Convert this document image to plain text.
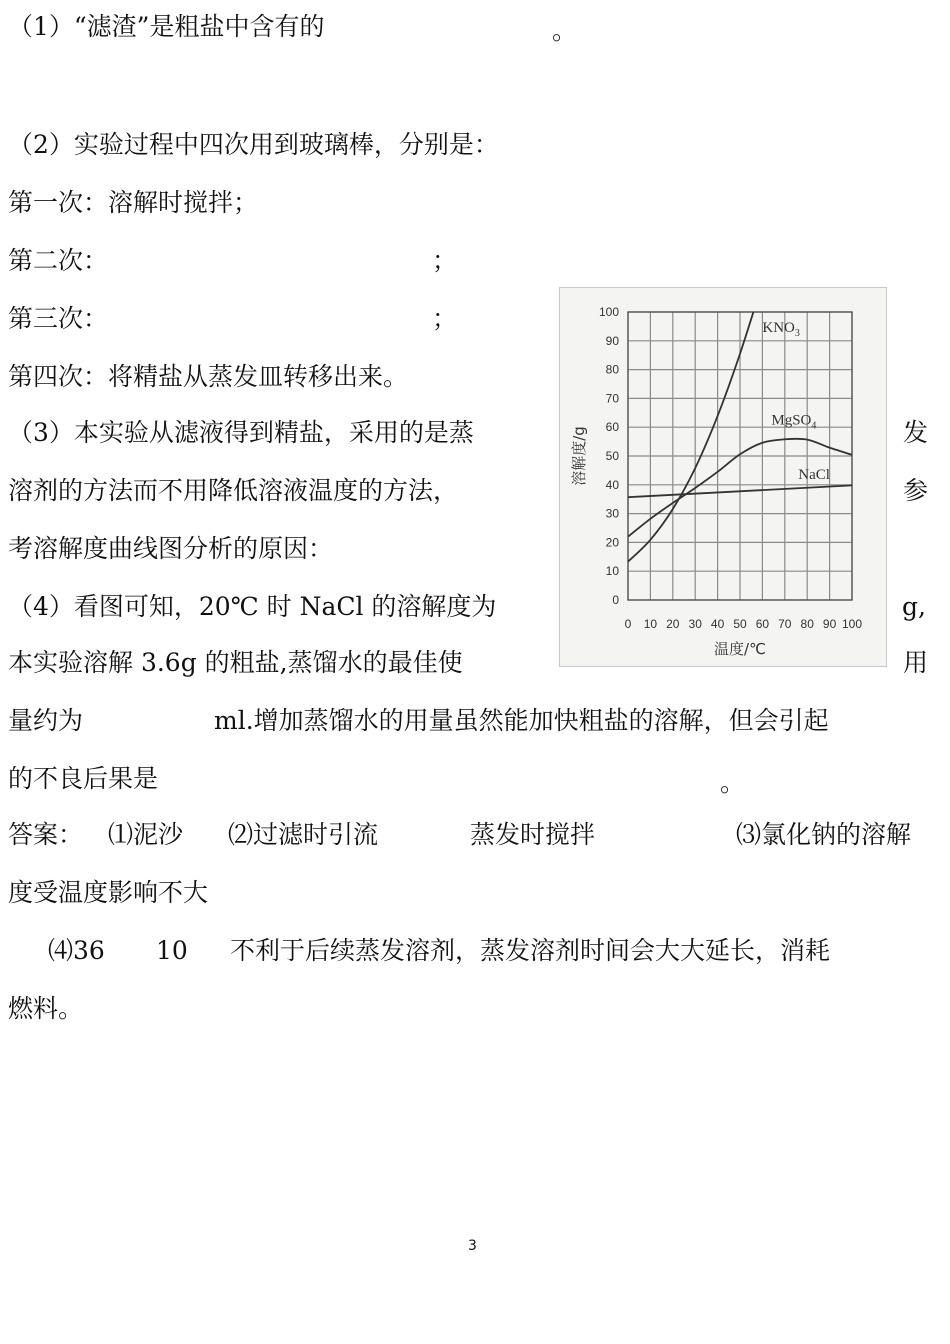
（1）“滤渣”是粗盐中含有的	。
（2）实验过程中四次用到玻璃棒，分别是：
第一次：溶解时搅拌；
第二次：	；
第三次：	；
第四次：将精盐从蒸发皿转移出来。
（3）本实验从滤液得到精盐，采用的是蒸	发
溶剂的方法而不用降低溶液温度的方法，	参
考溶解度曲线图分析的原因：
（4）看图可知，20℃ 时 NaCl 的溶解度为	g,
本实验溶解 3.6g 的粗盐,蒸馏水的最佳使	用
量约为	ml.增加蒸馏水的用量虽然能加快粗盐的溶解，但会引起
的不良后果是	。
答案： ⑴泥沙 ⑵过滤时引流	蒸发时搅拌	⑶氯化钠的溶解
度受温度影响不大
⑷36 10 不利于后续蒸发溶剂，蒸发溶剂时间会大大延长，消耗
燃料。
0
10
20
30
40
50
60
70
80
90
100
0 10 20 30 40 50 60 70 80 90 100
温度/℃
溶解度/g
$KNO_3$
MgSO$_4$
NaCl
3
